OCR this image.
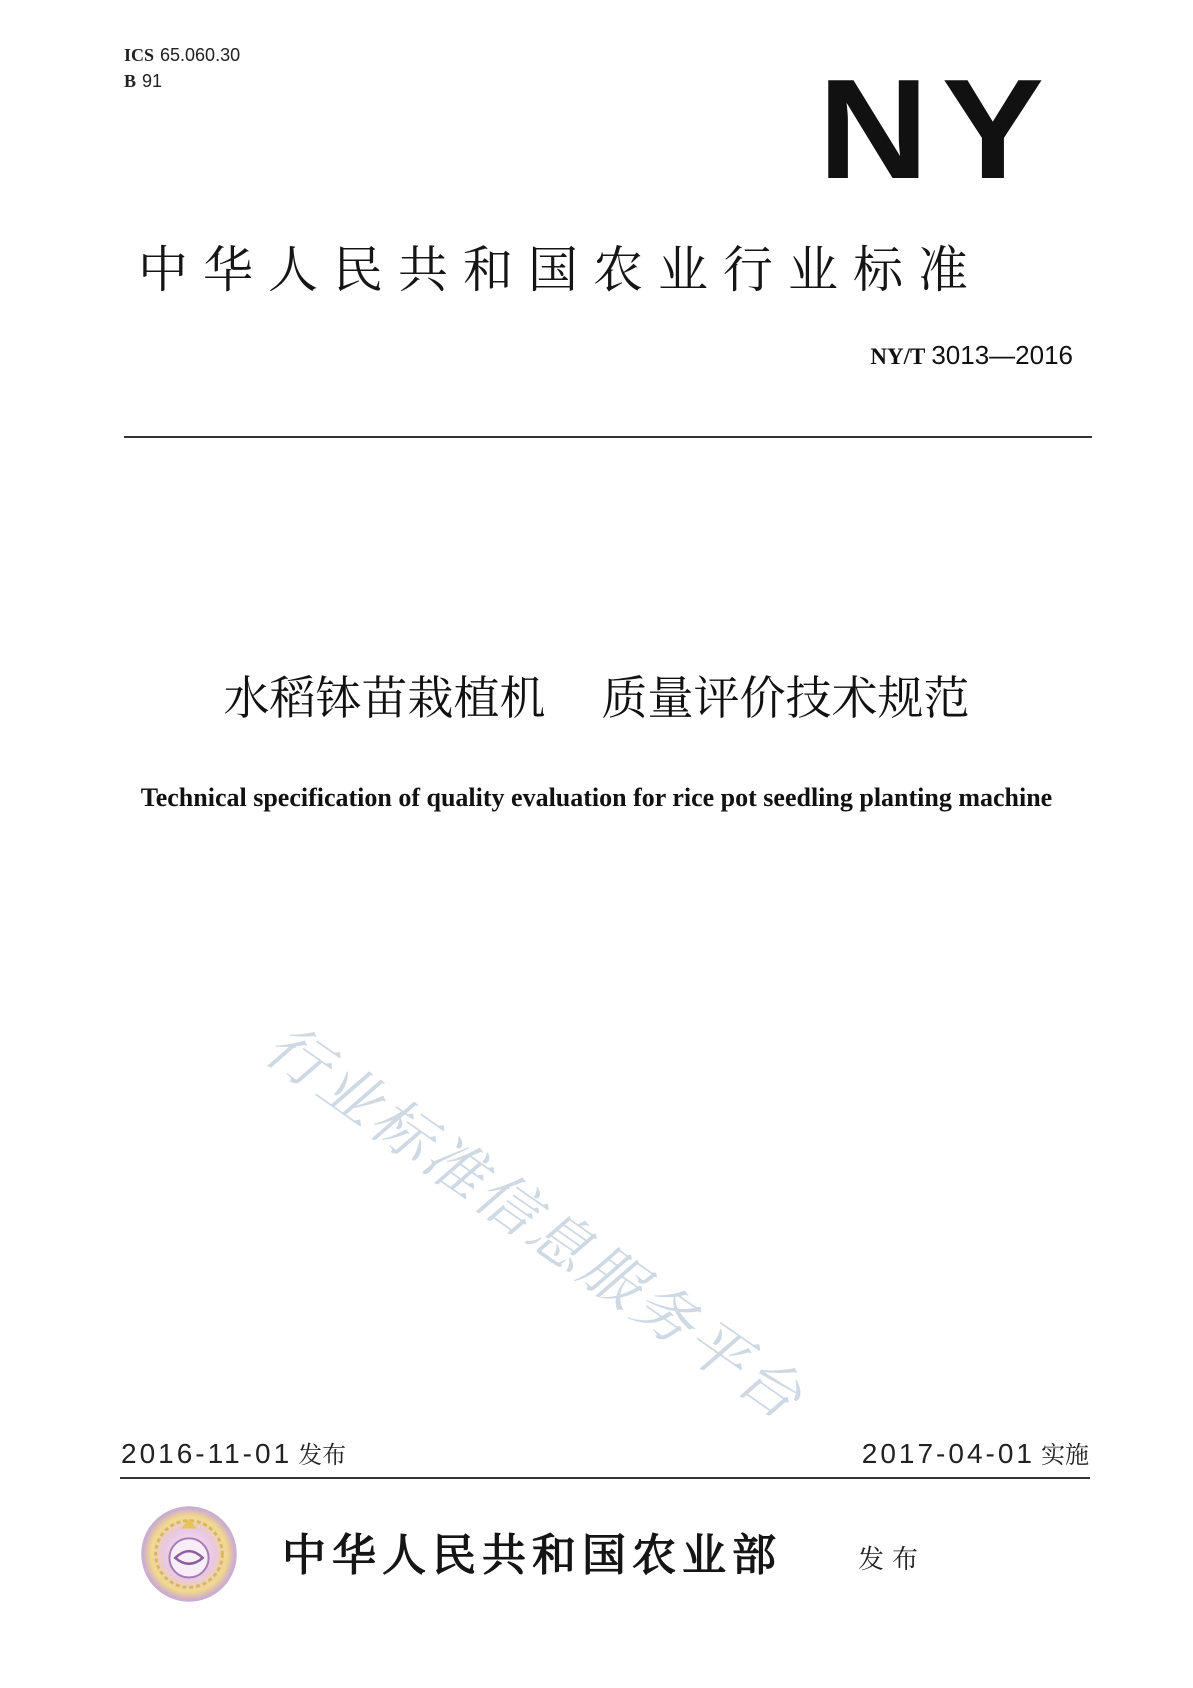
ICS 65.060.30
B 91	NY
中华人民共和国农业行业标准
NY/T 3013—2016
水稻钵苗栽植机 质量评价技术规范
Technical specification of quality evaluation for rice pot seedling planting machine
行业标准信息服务平台
2016-11-01 发布	2017-04-01 实施
中华人民共和国农业部	发布
